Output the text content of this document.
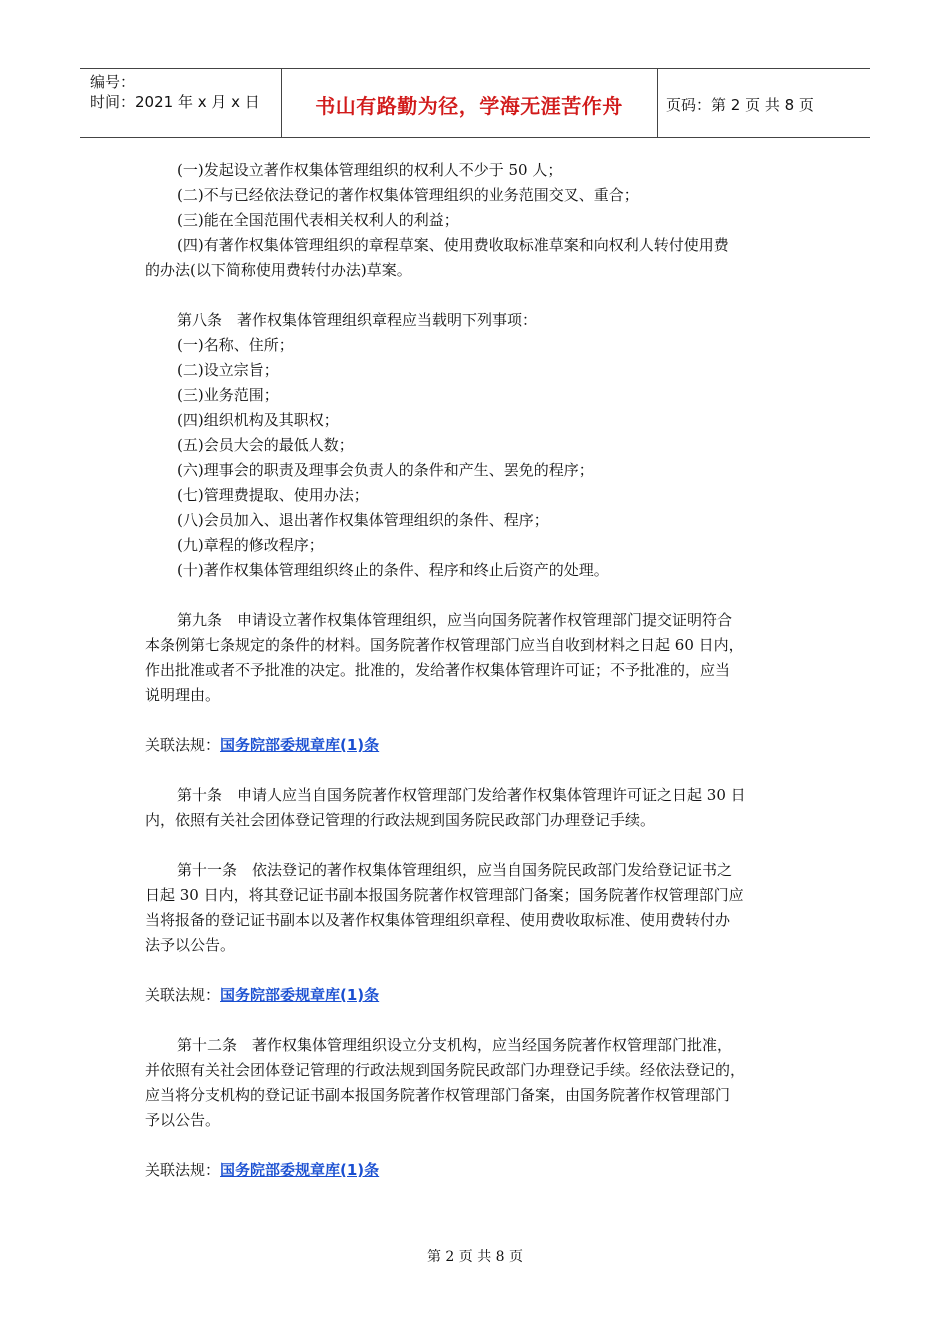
编号：
时间：2021 年 x 月 x 日	书山有路勤为径，学海无涯苦作舟	页码：第 2 页 共 8 页
(一)发起设立著作权集体管理组织的权利人不少于 50 人；
(二)不与已经依法登记的著作权集体管理组织的业务范围交叉、重合；
(三)能在全国范围代表相关权利人的利益；
(四)有著作权集体管理组织的章程草案、使用费收取标准草案和向权利人转付使用费
的办法(以下简称使用费转付办法)草案。
第八条　著作权集体管理组织章程应当载明下列事项：
(一)名称、住所；
(二)设立宗旨；
(三)业务范围；
(四)组织机构及其职权；
(五)会员大会的最低人数；
(六)理事会的职责及理事会负责人的条件和产生、罢免的程序；
(七)管理费提取、使用办法；
(八)会员加入、退出著作权集体管理组织的条件、程序；
(九)章程的修改程序；
(十)著作权集体管理组织终止的条件、程序和终止后资产的处理。
第九条　申请设立著作权集体管理组织，应当向国务院著作权管理部门提交证明符合
本条例第七条规定的条件的材料。国务院著作权管理部门应当自收到材料之日起 60 日内，
作出批准或者不予批准的决定。批准的，发给著作权集体管理许可证；不予批准的，应当
说明理由。
关联法规：国务院部委规章库(1)条
第十条　申请人应当自国务院著作权管理部门发给著作权集体管理许可证之日起 30 日
内，依照有关社会团体登记管理的行政法规到国务院民政部门办理登记手续。
第十一条　依法登记的著作权集体管理组织，应当自国务院民政部门发给登记证书之
日起 30 日内，将其登记证书副本报国务院著作权管理部门备案；国务院著作权管理部门应
当将报备的登记证书副本以及著作权集体管理组织章程、使用费收取标准、使用费转付办
法予以公告。
关联法规：国务院部委规章库(1)条
第十二条　著作权集体管理组织设立分支机构，应当经国务院著作权管理部门批准，
并依照有关社会团体登记管理的行政法规到国务院民政部门办理登记手续。经依法登记的，
应当将分支机构的登记证书副本报国务院著作权管理部门备案，由国务院著作权管理部门
予以公告。
关联法规：国务院部委规章库(1)条
第 2 页 共 8 页
